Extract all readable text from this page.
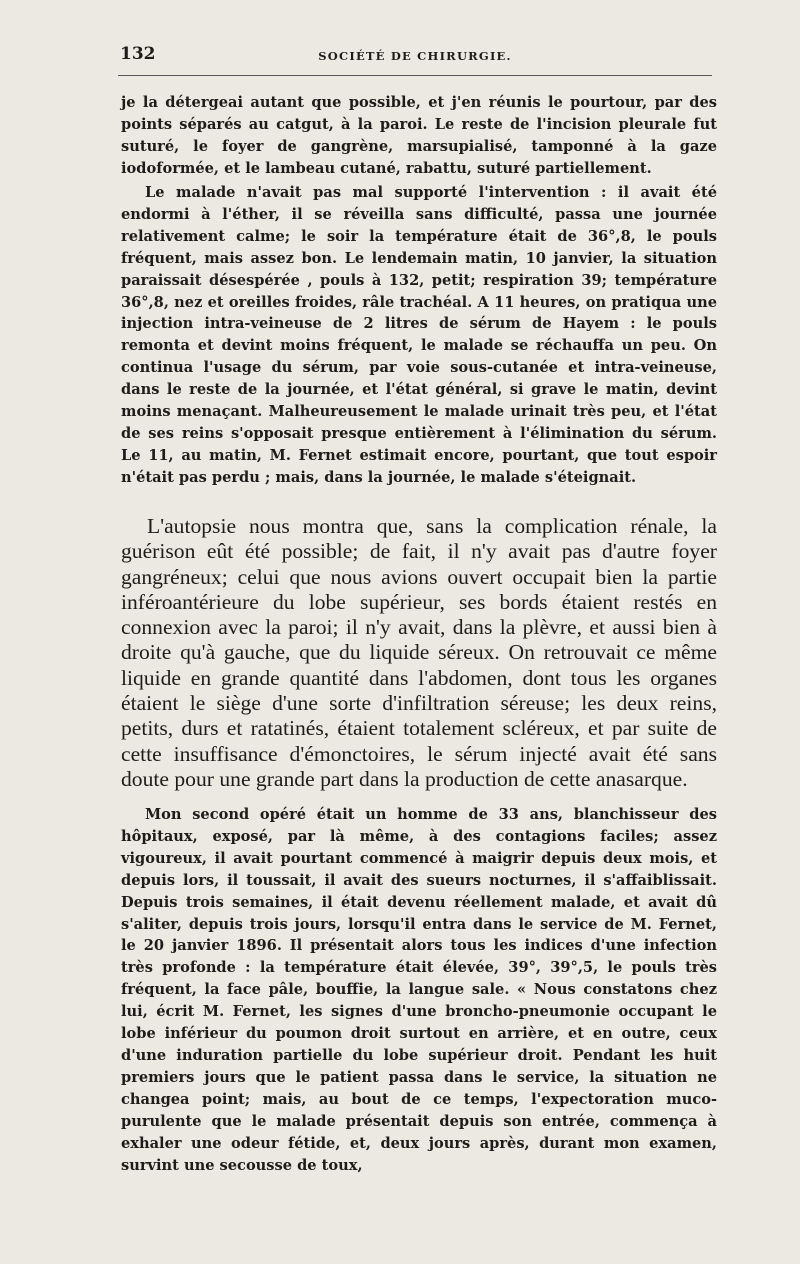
132	SOCIÉTÉ DE CHIRURGIE.

je la détergeai autant que possible, et j'en réunis le pourtour, par des points séparés au catgut, à la paroi. Le reste de l'incision pleurale fut suturé, le foyer de gangrène, marsupialisé, tamponné à la gaze iodoformée, et le lambeau cutané, rabattu, suturé partiellement.

Le malade n'avait pas mal supporté l'intervention : il avait été endormi à l'éther, il se réveilla sans difficulté, passa une journée relativement calme; le soir la température était de 36°,8, le pouls fréquent, mais assez bon. Le lendemain matin, 10 janvier, la situation paraissait désespérée , pouls à 132, petit; respiration 39; température 36°,8, nez et oreilles froides, râle trachéal. A 11 heures, on pratiqua une injection intra-veineuse de 2 litres de sérum de Hayem : le pouls remonta et devint moins fréquent, le malade se réchauffa un peu. On continua l'usage du sérum, par voie sous-cutanée et intra-veineuse, dans le reste de la journée, et l'état général, si grave le matin, devint moins menaçant. Malheureusement le malade urinait très peu, et l'état de ses reins s'opposait presque entièrement à l'élimination du sérum. Le 11, au matin, M. Fernet estimait encore, pourtant, que tout espoir n'était pas perdu ; mais, dans la journée, le malade s'éteignait.

L'autopsie nous montra que, sans la complication rénale, la guérison eût été possible; de fait, il n'y avait pas d'autre foyer gangréneux; celui que nous avions ouvert occupait bien la partie inféroantérieure du lobe supérieur, ses bords étaient restés en connexion avec la paroi; il n'y avait, dans la plèvre, et aussi bien à droite qu'à gauche, que du liquide séreux. On retrouvait ce même liquide en grande quantité dans l'abdomen, dont tous les organes étaient le siège d'une sorte d'infiltration séreuse; les deux reins, petits, durs et ratatinés, étaient totalement scléreux, et par suite de cette insuffisance d'émonctoires, le sérum injecté avait été sans doute pour une grande part dans la production de cette anasarque.

Mon second opéré était un homme de 33 ans, blanchisseur des hôpitaux, exposé, par là même, à des contagions faciles; assez vigoureux, il avait pourtant commencé à maigrir depuis deux mois, et depuis lors, il toussait, il avait des sueurs nocturnes, il s'affaiblissait. Depuis trois semaines, il était devenu réellement malade, et avait dû s'aliter, depuis trois jours, lorsqu'il entra dans le service de M. Fernet, le 20 janvier 1896. Il présentait alors tous les indices d'une infection très profonde : la température était élevée, 39°, 39°,5, le pouls très fréquent, la face pâle, bouffie, la langue sale. « Nous constatons chez lui, écrit M. Fernet, les signes d'une broncho-pneumonie occupant le lobe inférieur du poumon droit surtout en arrière, et en outre, ceux d'une induration partielle du lobe supérieur droit. Pendant les huit premiers jours que le patient passa dans le service, la situation ne changea point; mais, au bout de ce temps, l'expectoration muco-purulente que le malade présentait depuis son entrée, commença à exhaler une odeur fétide, et, deux jours après, durant mon examen, survint une secousse de toux,
